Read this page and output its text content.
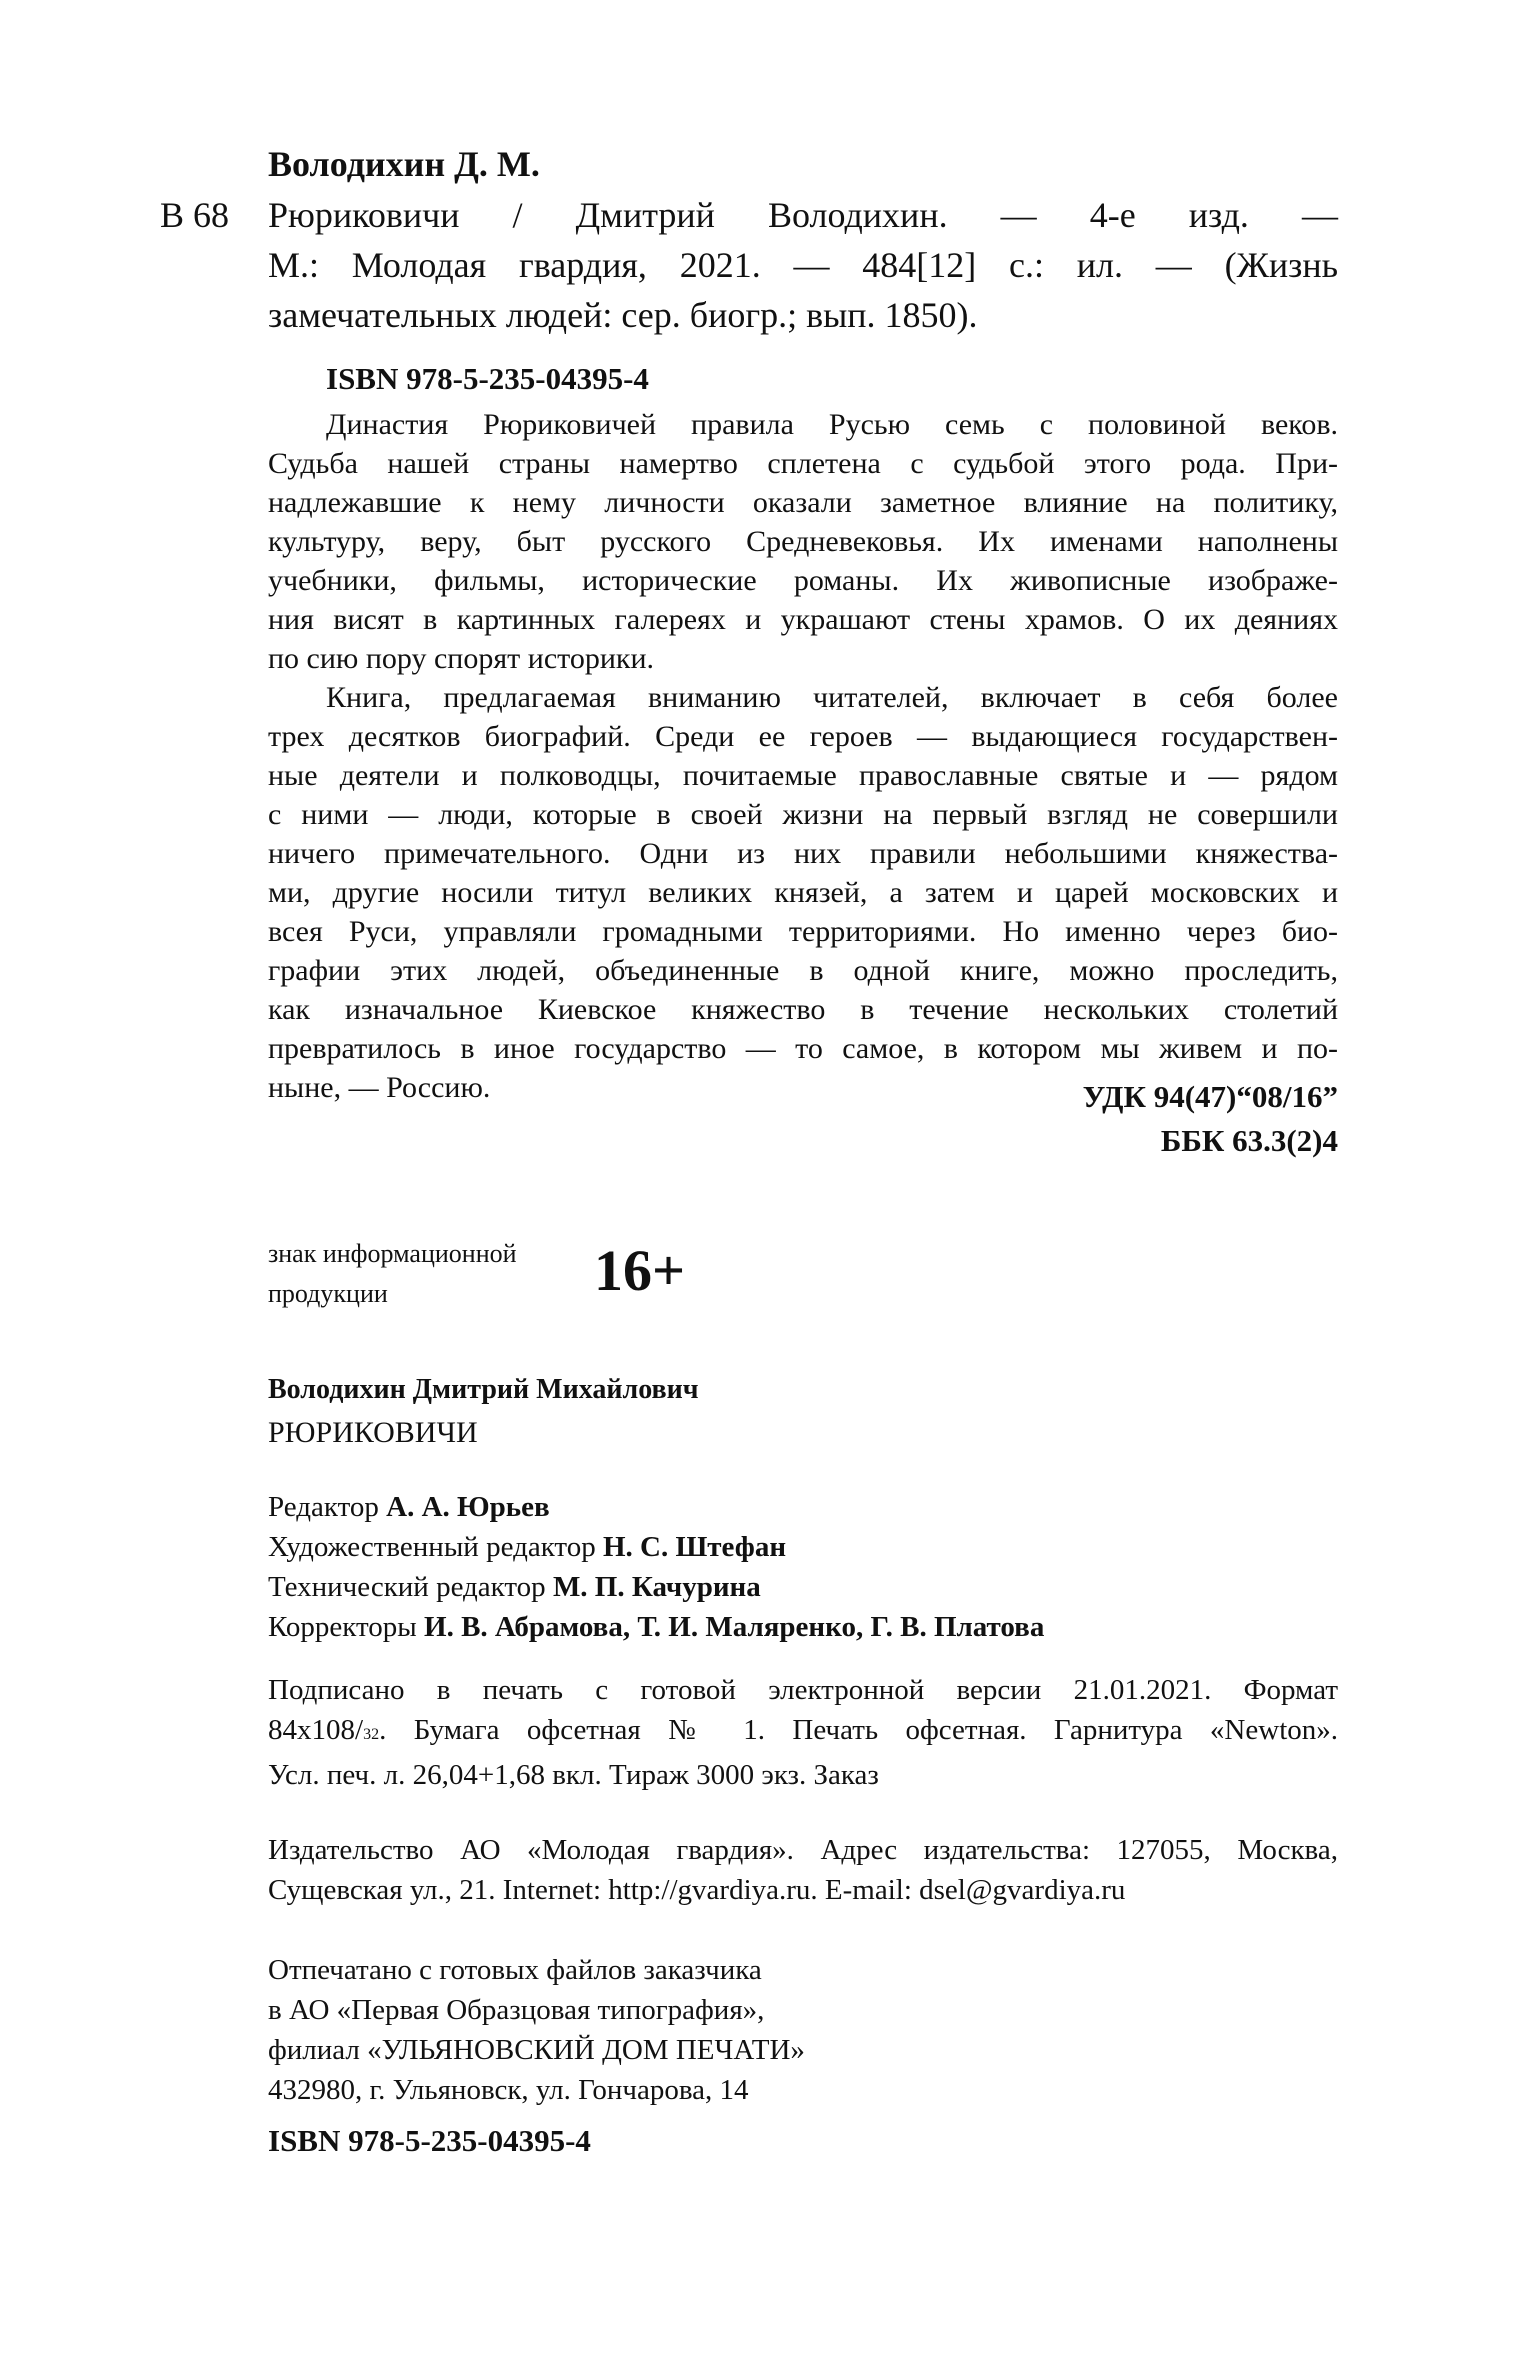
Володихин Д. М.
В 68 Рюриковичи / Дмитрий Володихин. — 4-е изд. —
М.: Молодая гвардия, 2021. — 484[12] с.: ил. — (Жизнь
замечательных людей: сер. биогр.; вып. 1850).
ISBN 978-5-235-04395-4

Династия Рюриковичей правила Русью семь с половиной веков.
Судьба нашей страны намертво сплетена с судьбой этого рода. При-
надлежавшие к нему личности оказали заметное влияние на политику,
культуру, веру, быт русского Средневековья. Их именами наполнены
учебники, фильмы, исторические романы. Их живописные изображе-
ния висят в картинных галереях и украшают стены храмов. О их деяниях
по сию пору спорят историки.

Книга, предлагаемая вниманию читателей, включает в себя более
трех десятков биографий. Среди ее героев — выдающиеся государствен-
ные деятели и полководцы, почитаемые православные святые и — рядом
с ними — люди, которые в своей жизни на первый взгляд не совершили
ничего примечательного. Одни из них правили небольшими княжества-
ми, другие носили титул великих князей, а затем и царей московских и
всея Руси, управляли громадными территориями. Но именно через био-
графии этих людей, объединенные в одной книге, можно проследить,
как изначальное Киевское княжество в течение нескольких столетий
превратилось в иное государство — то самое, в котором мы живем и по-
ныне, — Россию.	УДК 94(47)“08/16”
ББК 63.3(2)4
знак информационной
продукции	16+
Володихин Дмитрий Михайлович
РЮРИКОВИЧИ
Редактор А. А. Юрьев
Художественный редактор Н. С. Штефан
Технический редактор М. П. Качурина
Корректоры И. В. Абрамова, Т. И. Маляренко, Г. В. Платова
Подписано в печать с готовой электронной версии 21.01.2021. Формат
84x108/32. Бумага офсетная № 1. Печать офсетная. Гарнитура «Newton».
Усл. печ. л. 26,04+1,68 вкл. Тираж 3000 экз. Заказ
Издательство АО «Молодая гвардия». Адрес издательства: 127055, Москва,
Сущевская ул., 21. Internet: http://gvardiya.ru. E-mail: dsel@gvardiya.ru
Отпечатано с готовых файлов заказчика
в АО «Первая Образцовая типография»,
филиал «УЛЬЯНОВСКИЙ ДОМ ПЕЧАТИ»
432980, г. Ульяновск, ул. Гончарова, 14
ISBN 978-5-235-04395-4
